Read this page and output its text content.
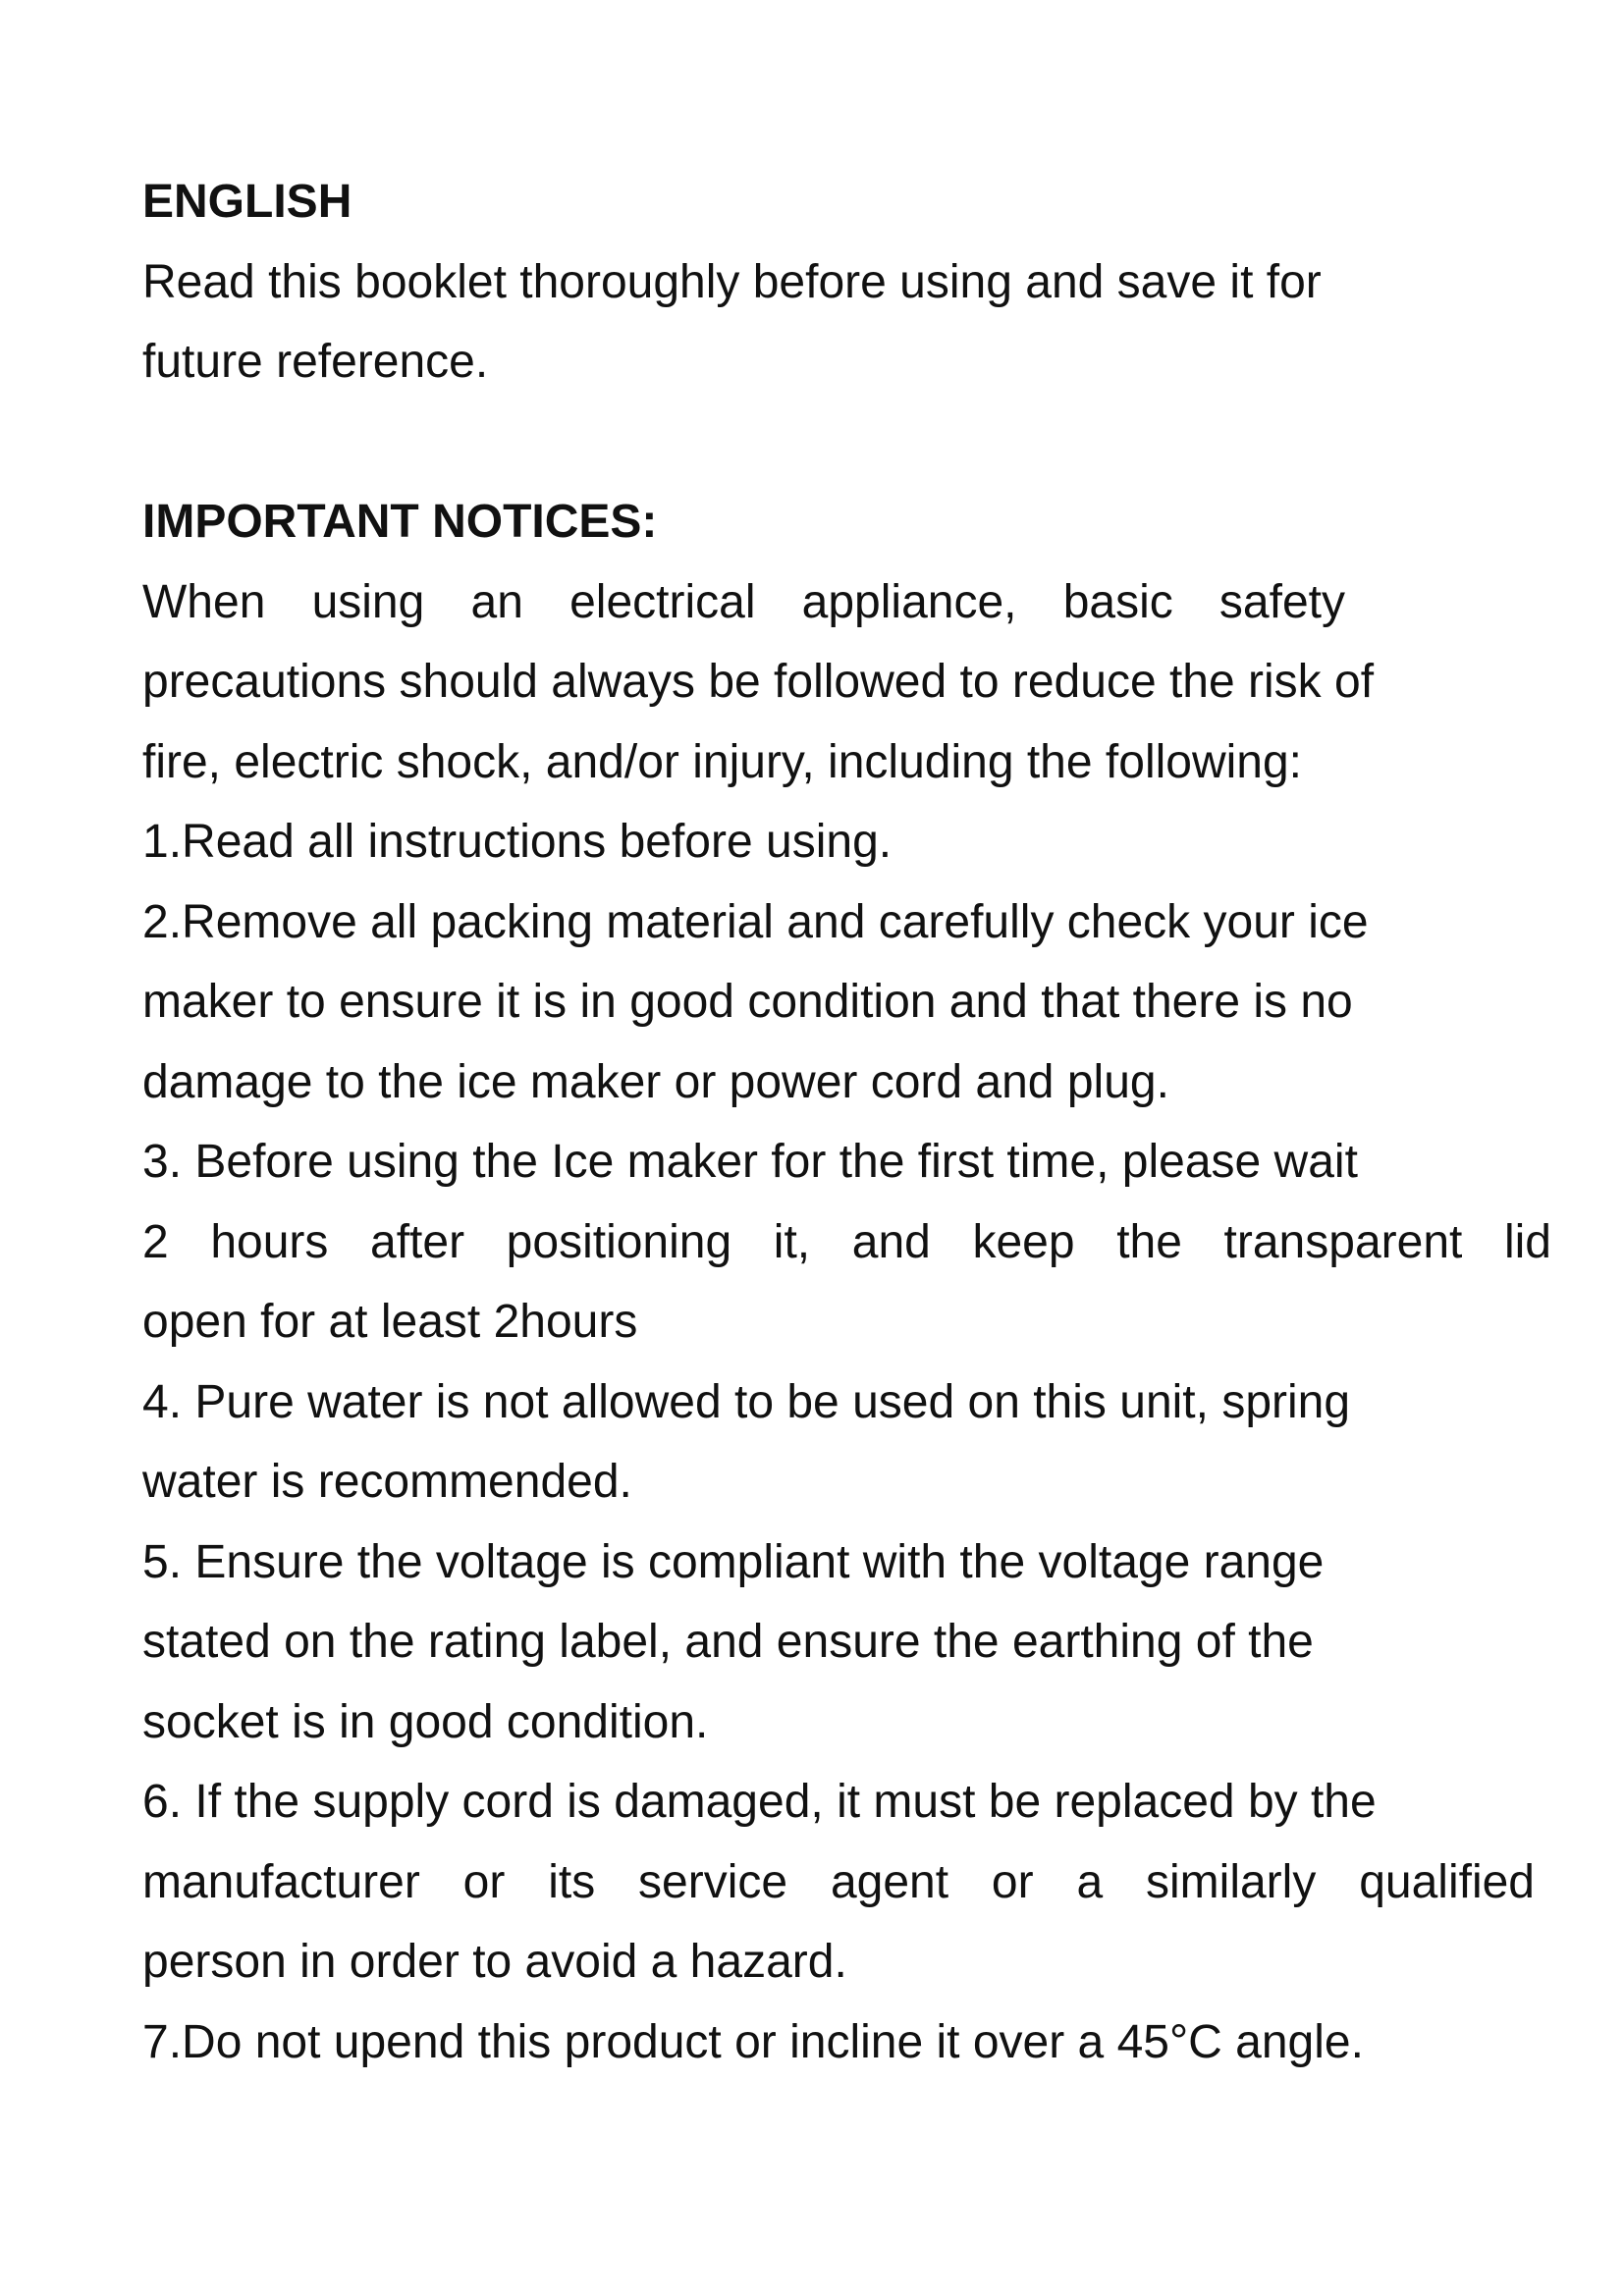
ENGLISH

Read this booklet thoroughly before using and save it for

future reference.

IMPORTANT NOTICES:

When using an electrical appliance, basic safety

precautions should always be followed to reduce the risk of

fire, electric shock, and/or injury, including the following:

1.Read all instructions before using.

2.Remove all packing material and carefully check your ice

maker to ensure it is in good condition and that there is no

damage to the ice maker or power cord and plug.

3. Before using the Ice maker for the first time, please wait

2 hours after positioning it, and keep the transparent lid

open for at least 2hours

4. Pure water is not allowed to be used on this unit, spring

water is recommended.

5. Ensure the voltage is compliant with the voltage range

stated on the rating label, and ensure the earthing of the

socket is in good condition.

6. If the supply cord is damaged, it must be replaced by the

manufacturer or its service agent or a similarly qualified

person in order to avoid a hazard.

7.Do not upend this product or incline it over a 45°C angle.
